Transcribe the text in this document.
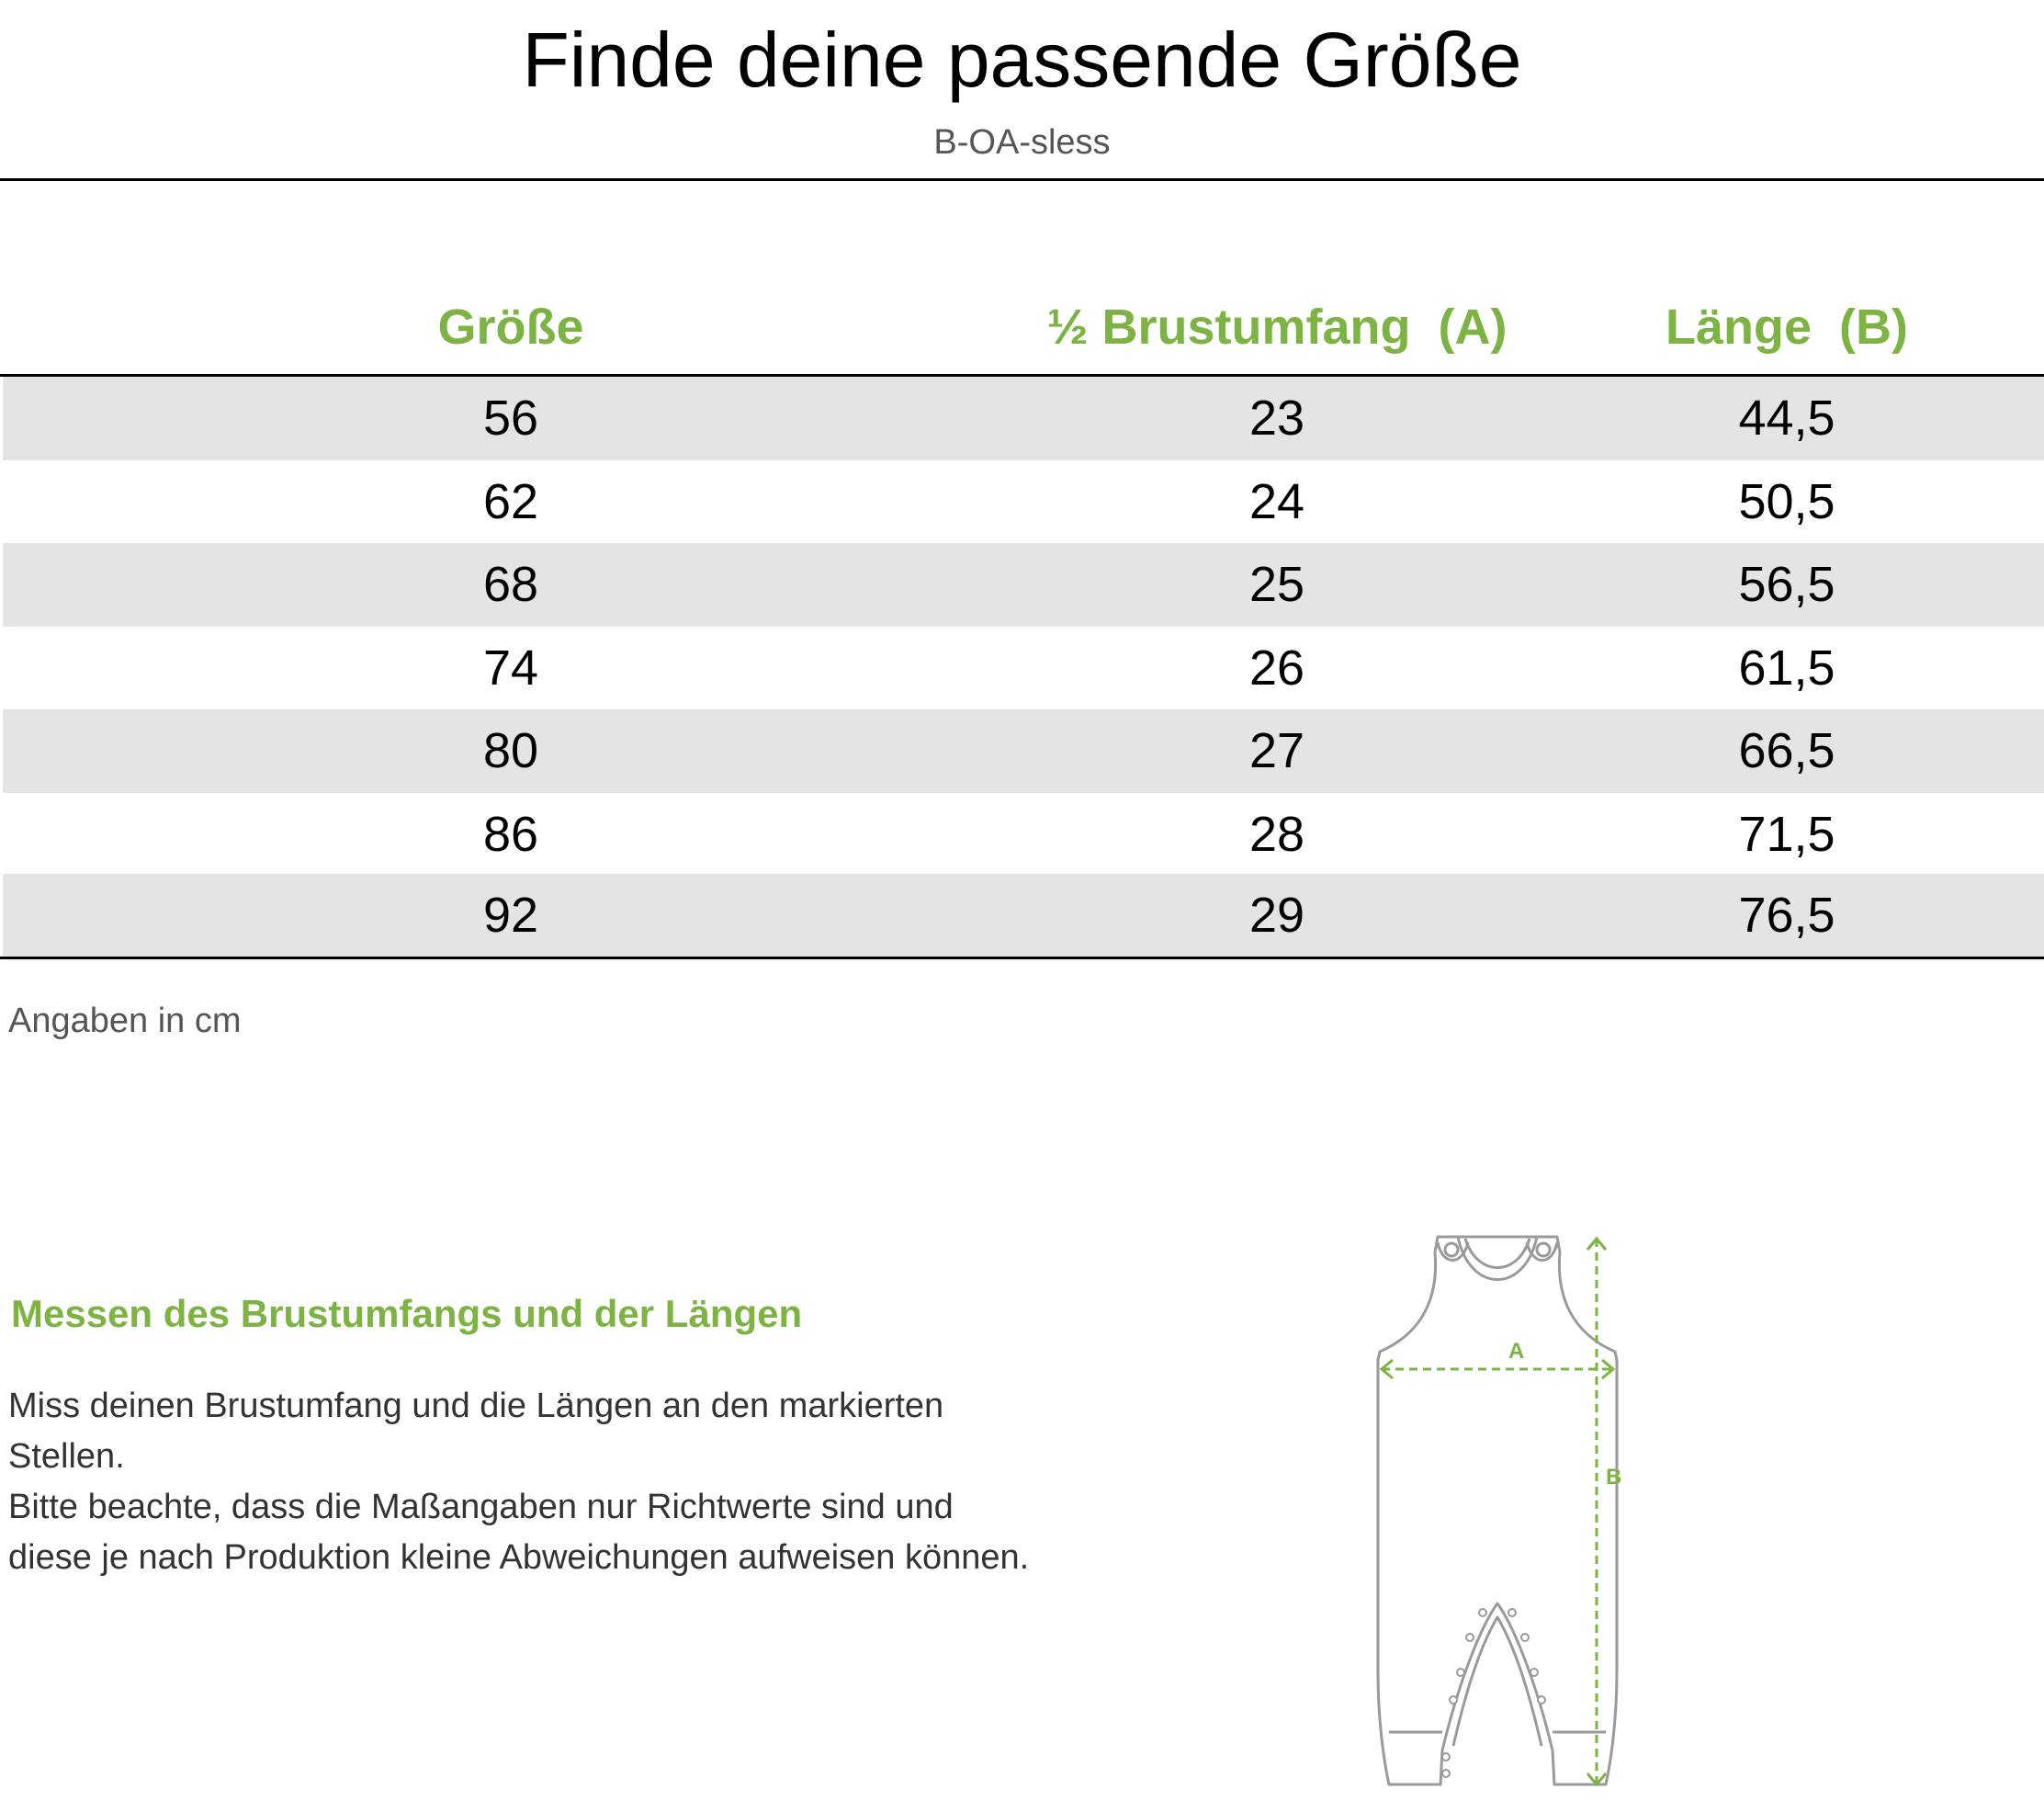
Finde deine passende Größe
B-OA-sless
Größe	½ Brustumfang  (A)	Länge  (B)
56	23	44,5
62	24	50,5
68	25	56,5
74	26	61,5
80	27	66,5
86	28	71,5
92	29	76,5
Angaben in cm
Messen des Brustumfangs und der Längen
Miss deinen Brustumfang und die Längen an den markierten Stellen.
Bitte beachte, dass die Maßangaben nur Richtwerte sind und diese je nach Produktion kleine Abweichungen aufweisen können.
A
B
